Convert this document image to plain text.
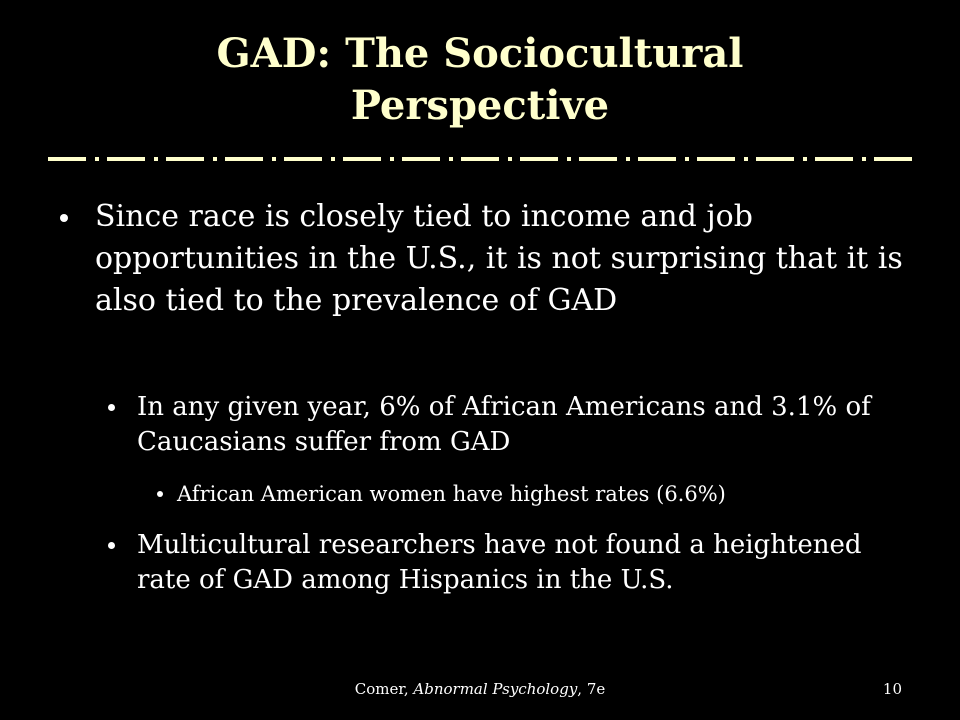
GAD: The Sociocultural
Perspective
Since race is closely tied to income and job opportunities in the U.S., it is not surprising that it is also tied to the prevalence of GAD
In any given year, 6% of African Americans and 3.1% of Caucasians suffer from GAD
African American women have highest rates (6.6%)
Multicultural researchers have not found a heightened rate of GAD among Hispanics in the U.S.
Comer, Abnormal Psychology, 7e	10
